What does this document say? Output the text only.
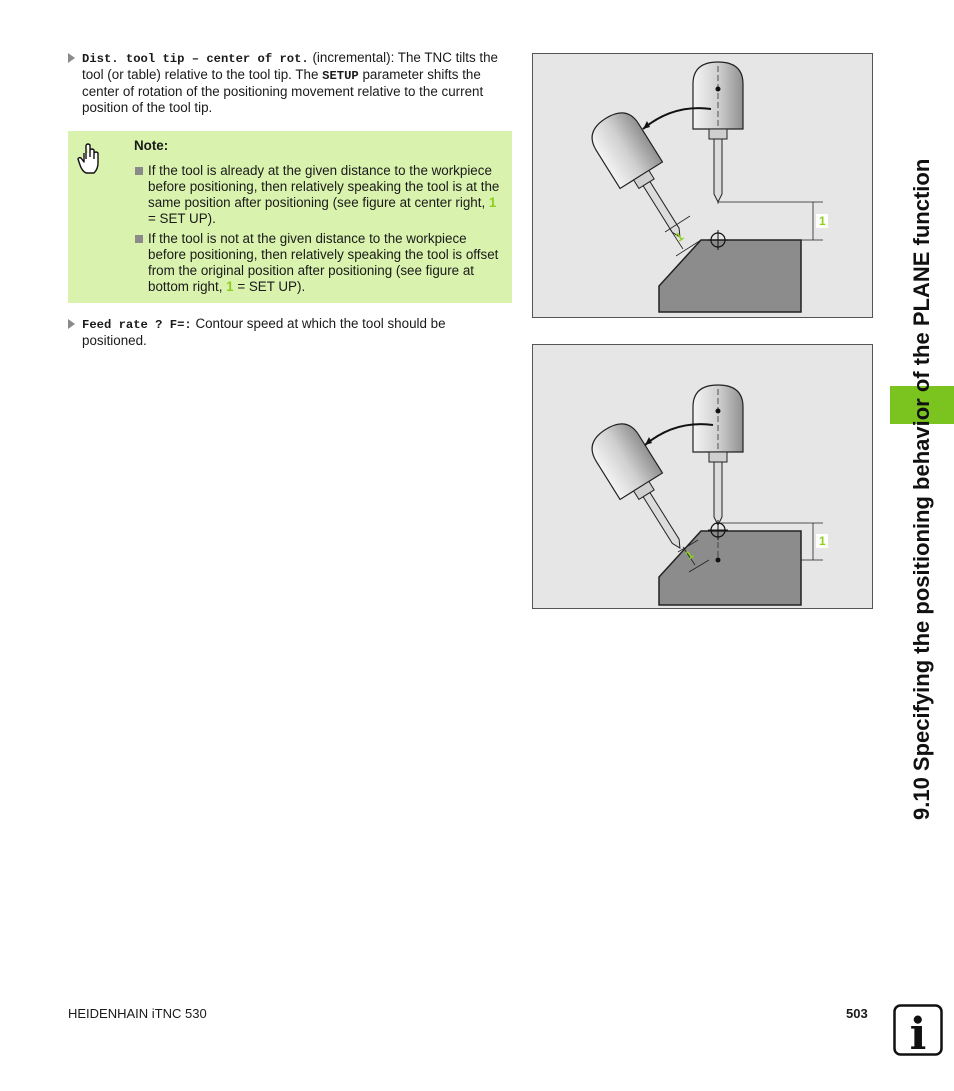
Dist. tool tip – center of rot. (incremental): The TNC tilts the tool (or table) relative to the tool tip. The SETUP parameter shifts the center of rotation of the positioning movement relative to the current position of the tool tip.
Note:
If the tool is already at the given distance to the workpiece before positioning, then relatively speaking the tool is at the same position after positioning (see figure at center right, 1 = SET UP).
If the tool is not at the given distance to the workpiece before positioning, then relatively speaking the tool is offset from the original position after positioning (see figure at bottom right, 1 = SET UP).
Feed rate ? F=: Contour speed at which the tool should be positioned.
1
1
1
1	9.10 Specifying the positioning behavior of the PLANE function
HEIDENHAIN iTNC 530	503 i
